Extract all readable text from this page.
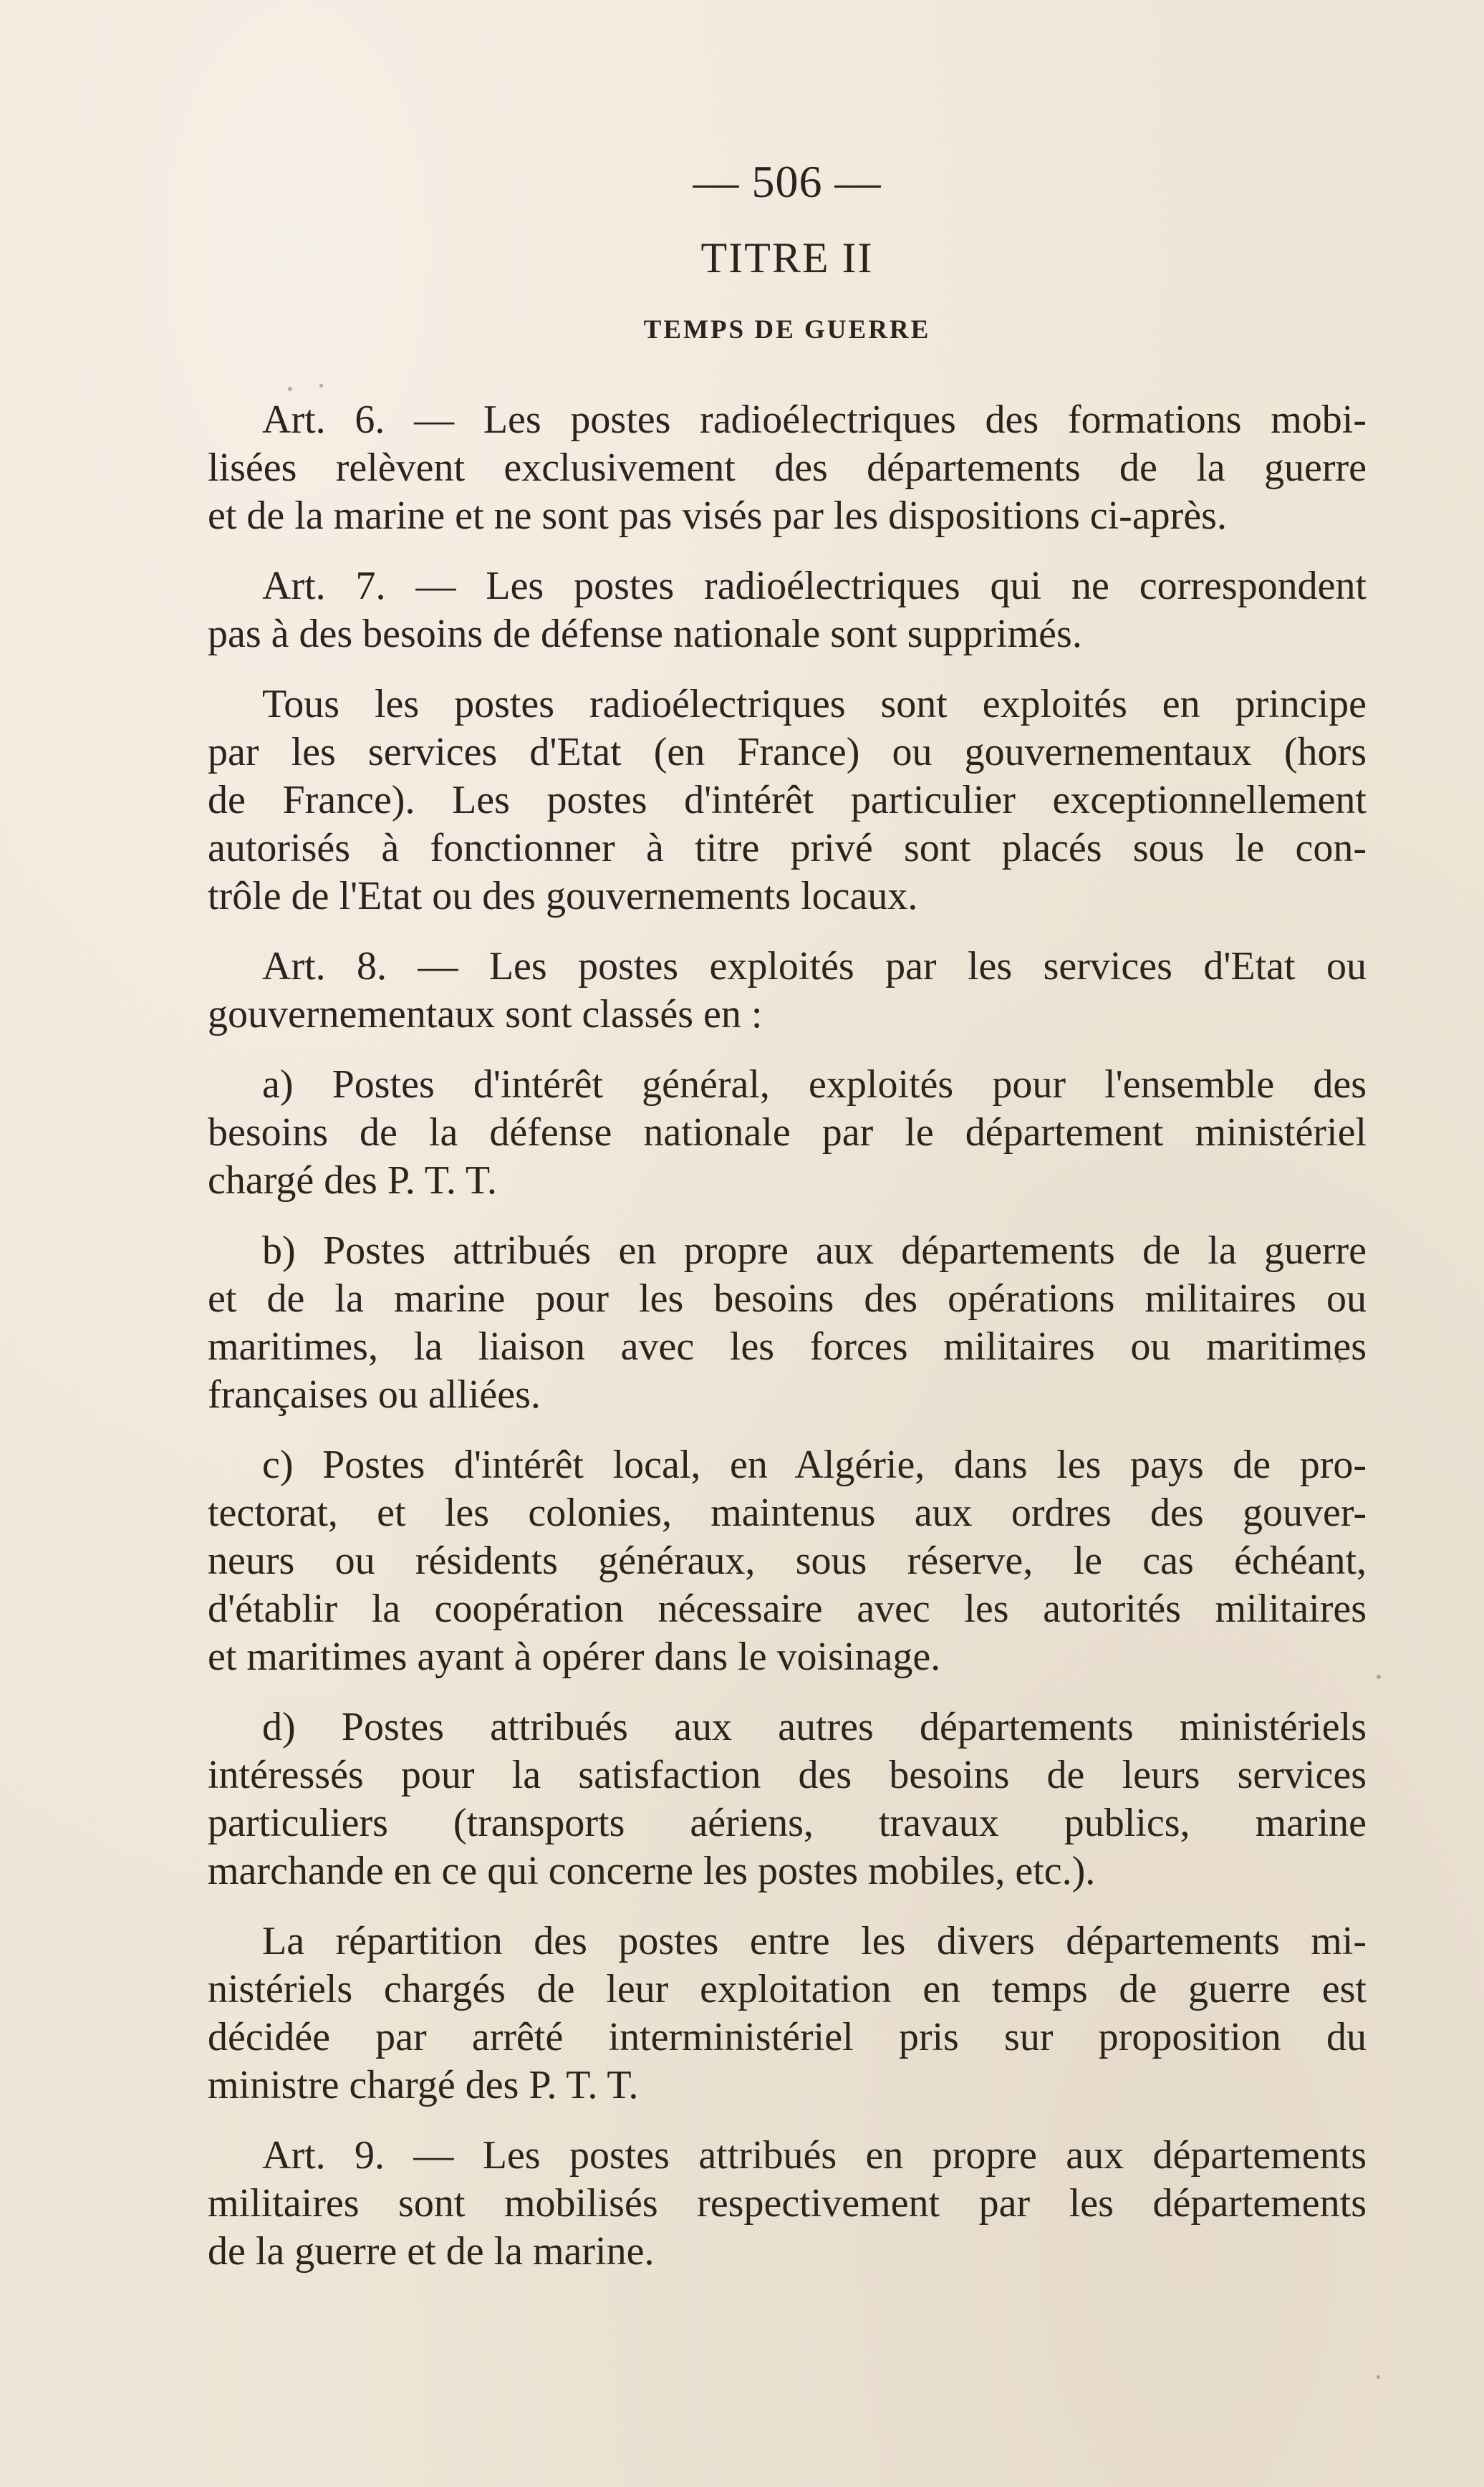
— 506 —
TITRE II
TEMPS DE GUERRE
Art. 6. — Les postes radioélectriques des formations mobi-
lisées relèvent exclusivement des départements de la guerre
et de la marine et ne sont pas visés par les dispositions ci-après.
Art. 7. — Les postes radioélectriques qui ne correspondent
pas à des besoins de défense nationale sont supprimés.
Tous les postes radioélectriques sont exploités en principe
par les services d'Etat (en France) ou gouvernementaux (hors
de France). Les postes d'intérêt particulier exceptionnellement
autorisés à fonctionner à titre privé sont placés sous le con-
trôle de l'Etat ou des gouvernements locaux.
Art. 8. — Les postes exploités par les services d'Etat ou
gouvernementaux sont classés en :
a) Postes d'intérêt général, exploités pour l'ensemble des
besoins de la défense nationale par le département ministériel
chargé des P. T. T.
b) Postes attribués en propre aux départements de la guerre
et de la marine pour les besoins des opérations militaires ou
maritimes, la liaison avec les forces militaires ou maritimes
françaises ou alliées.
c) Postes d'intérêt local, en Algérie, dans les pays de pro-
tectorat, et les colonies, maintenus aux ordres des gouver-
neurs ou résidents généraux, sous réserve, le cas échéant,
d'établir la coopération nécessaire avec les autorités militaires
et maritimes ayant à opérer dans le voisinage.
d) Postes attribués aux autres départements ministériels
intéressés pour la satisfaction des besoins de leurs services
particuliers (transports aériens, travaux publics, marine
marchande en ce qui concerne les postes mobiles, etc.).
La répartition des postes entre les divers départements mi-
nistériels chargés de leur exploitation en temps de guerre est
décidée par arrêté interministériel pris sur proposition du
ministre chargé des P. T. T.
Art. 9. — Les postes attribués en propre aux départements
militaires sont mobilisés respectivement par les départements
de la guerre et de la marine.
